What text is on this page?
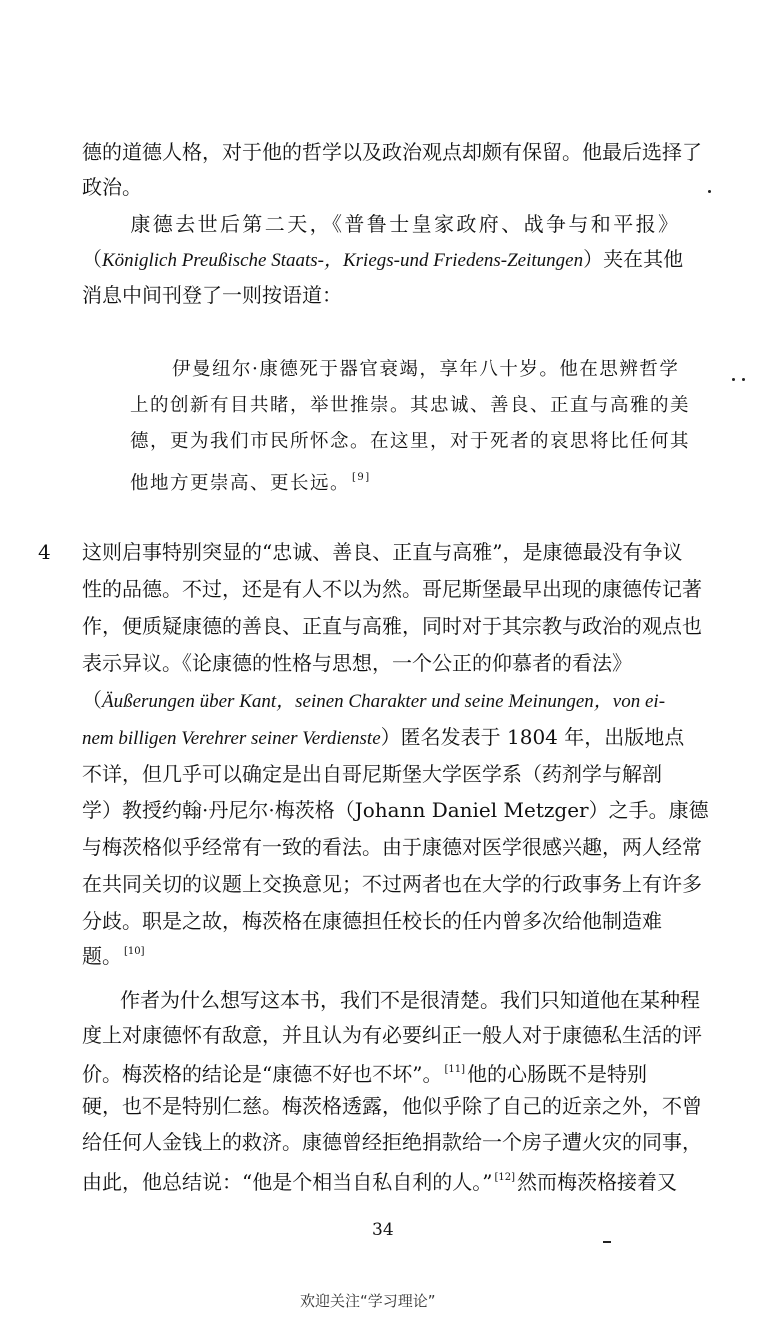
德的道德人格，对于他的哲学以及政治观点却颇有保留。他最后选择了
政治。
　康德去世后第二天，《普鲁士皇家政府、战争与和平报》
（Königlich Preußische Staats-，Kriegs-und Friedens-Zeitungen）夹在其他
消息中间刊登了一则按语道：
伊曼纽尔·康德死于器官衰竭，享年八十岁。他在思辨哲学
上的创新有目共睹，举世推崇。其忠诚、善良、正直与高雅的美
德，更为我们市民所怀念。在这里，对于死者的哀思将比任何其
他地方更崇高、更长远。 [9]
4 这则启事特别突显的“忠诚、善良、正直与高雅”，是康德最没有争议
性的品德。不过，还是有人不以为然。哥尼斯堡最早出现的康德传记著
作，便质疑康德的善良、正直与高雅，同时对于其宗教与政治的观点也
表示异议。《论康德的性格与思想，一个公正的仰慕者的看法》
（Äußerungen über Kant，seinen Charakter und seine Meinungen，von ei-
nem billigen Verehrer seiner Verdienste）匿名发表于 1804 年，出版地点
不详，但几乎可以确定是出自哥尼斯堡大学医学系（药剂学与解剖
学）教授约翰·丹尼尔·梅茨格（Johann Daniel Metzger）之手。康德
与梅茨格似乎经常有一致的看法。由于康德对医学很感兴趣，两人经常
在共同关切的议题上交换意见；不过两者也在大学的行政事务上有许多
分歧。职是之故，梅茨格在康德担任校长的任内曾多次给他制造难
题。 [10]
作者为什么想写这本书，我们不是很清楚。我们只知道他在某种程
度上对康德怀有敌意，并且认为有必要纠正一般人对于康德私生活的评
价。梅茨格的结论是“康德不好也不坏”。 [11] 他的心肠既不是特别
硬，也不是特别仁慈。梅茨格透露，他似乎除了自己的近亲之外，不曾
给任何人金钱上的救济。康德曾经拒绝捐款给一个房子遭火灾的同事，
由此，他总结说：“他是个相当自私自利的人。” [12] 然而梅茨格接着又
34
欢迎关注“学习理论”
